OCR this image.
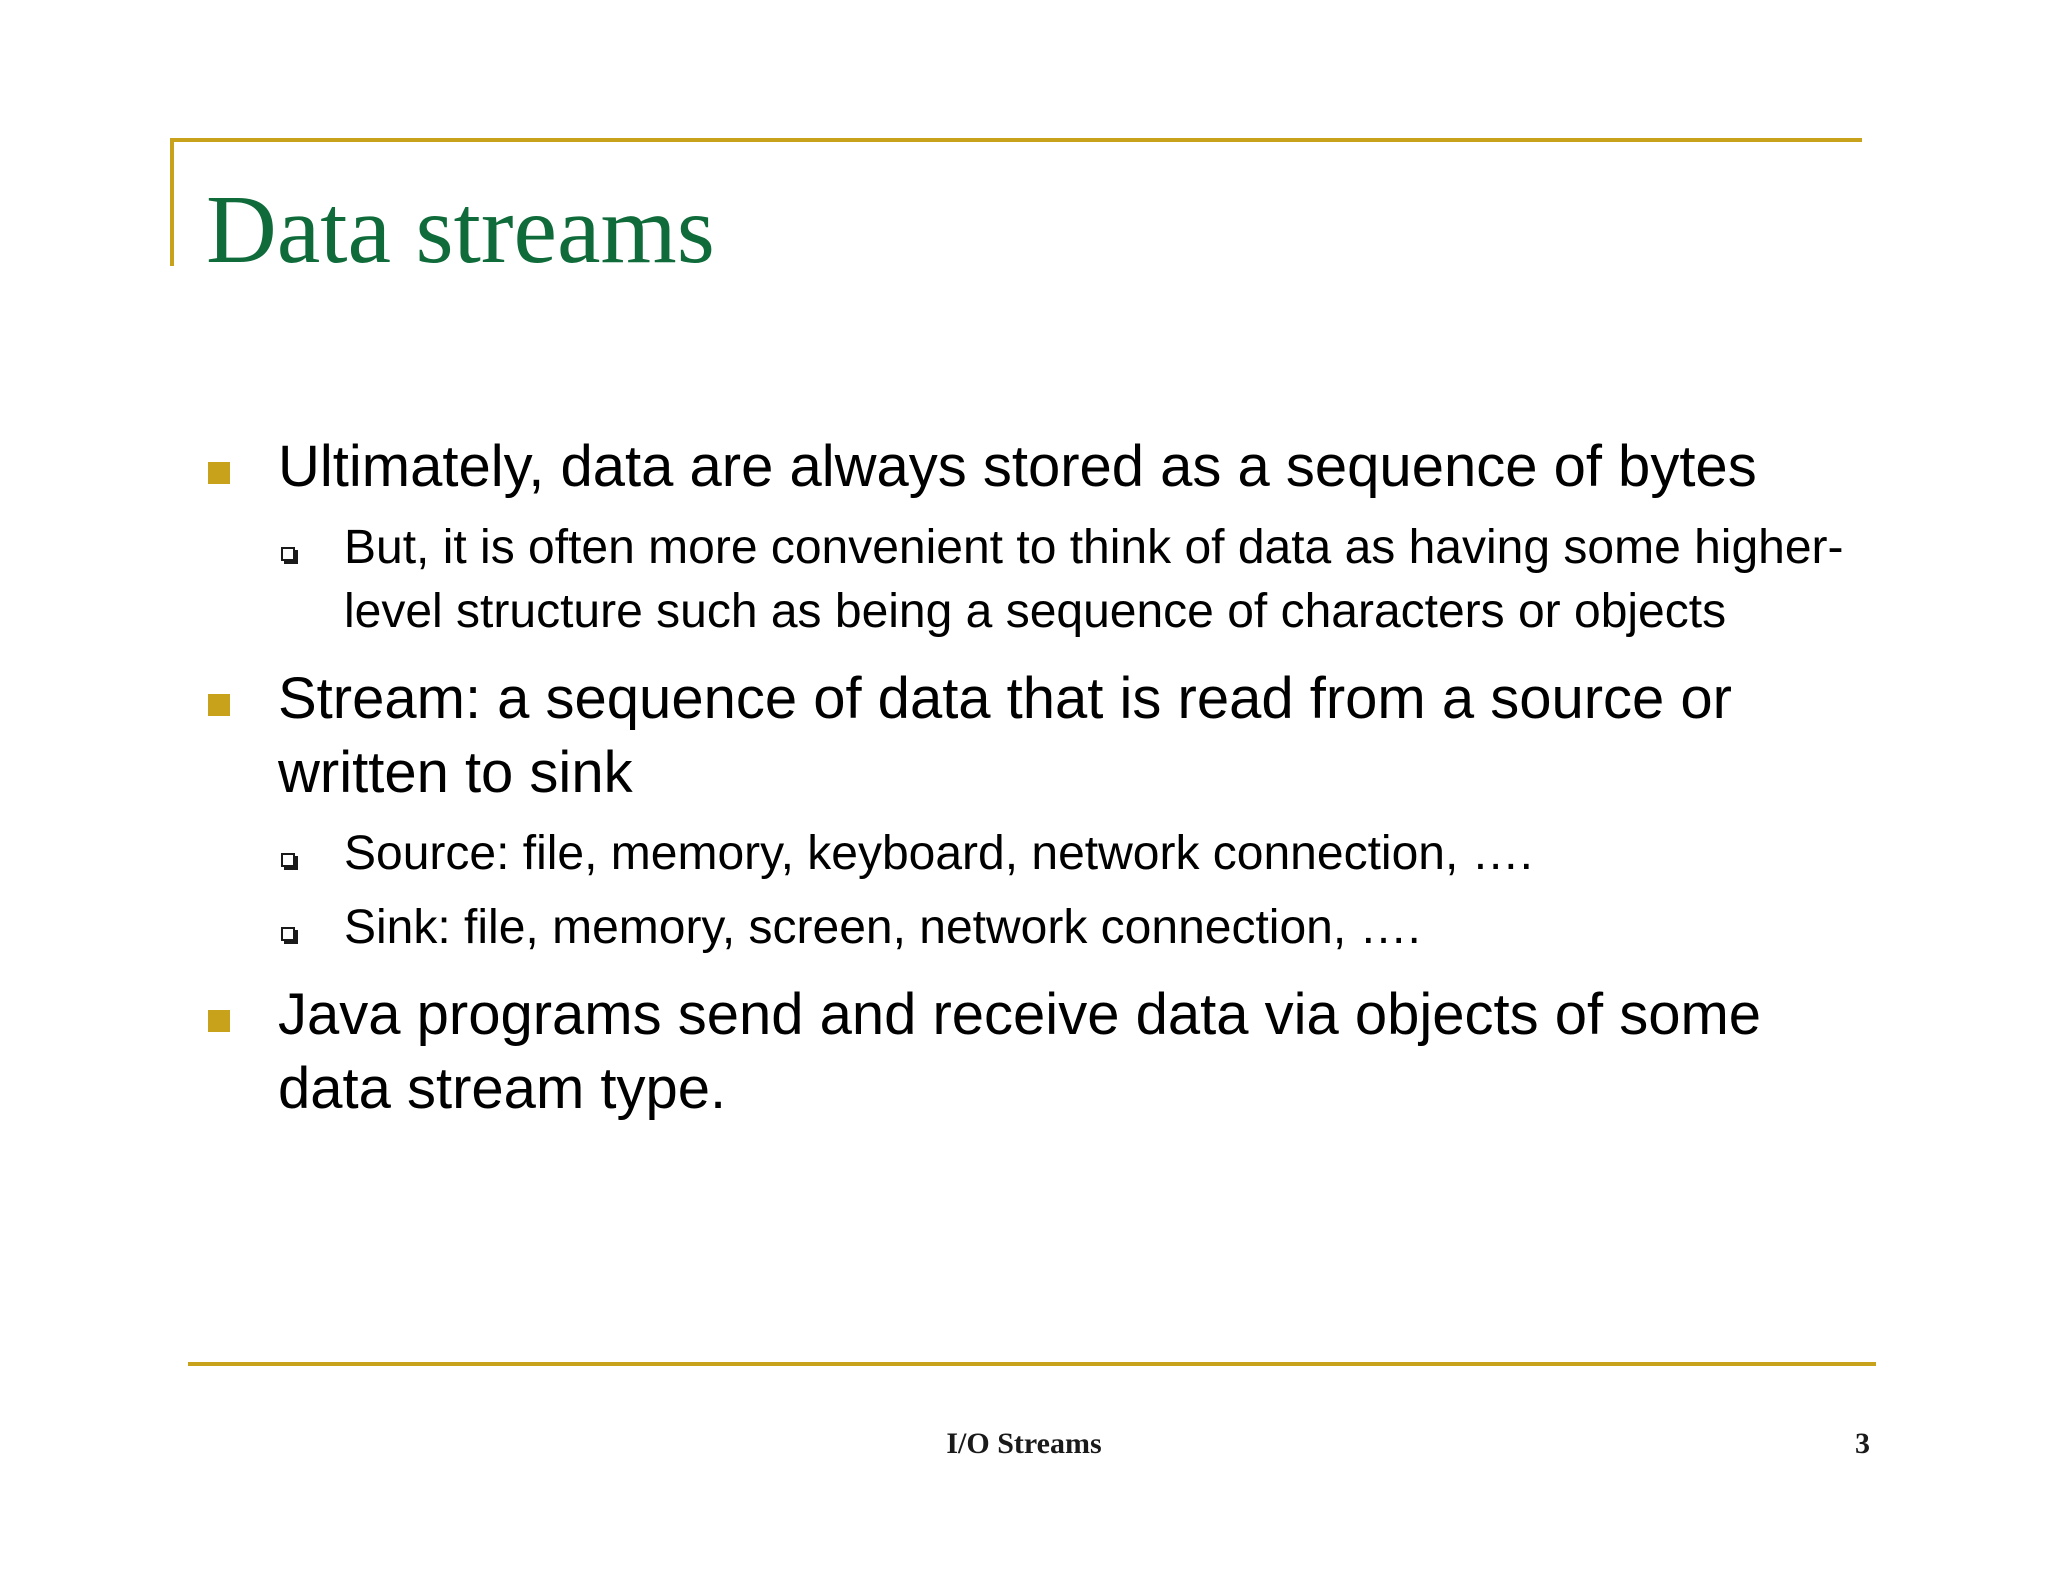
Data streams
Ultimately, data are always stored as a sequence of bytes
But, it is often more convenient to think of data as having some higher-level structure such as being a sequence of characters or objects
Stream: a sequence of data that is read from a source or written to sink
Source: file, memory, keyboard, network connection, ….
Sink: file, memory, screen, network connection, ….
Java programs send and receive data via objects of some data stream type.
I/O Streams	3
